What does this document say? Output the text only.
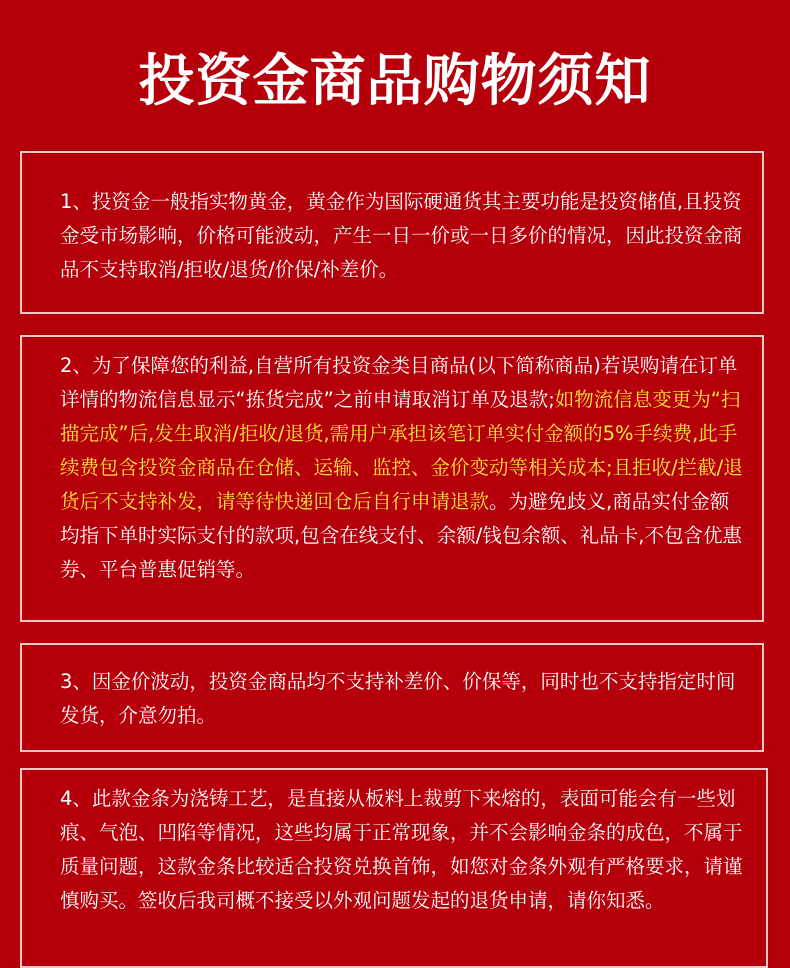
投资金商品购物须知
1、投资金一般指实物黄金，黄金作为国际硬通货其主要功能是投资储值,且投资金受市场影响，价格可能波动，产生一日一价或一日多价的情况，因此投资金商品不支持取消/拒收/退货/价保/补差价。
2、为了保障您的利益,自营所有投资金类目商品(以下简称商品)若误购请在订单详情的物流信息显示“拣货完成”之前申请取消订单及退款;如物流信息变更为“扫描完成”后,发生取消/拒收/退货,需用户承担该笔订单实付金额的5%手续费,此手续费包含投资金商品在仓储、运输、监控、金价变动等相关成本;且拒收/拦截/退货后不支持补发，请等待快递回仓后自行申请退款。为避免歧义,商品实付金额均指下单时实际支付的款项,包含在线支付、余额/钱包余额、礼品卡,不包含优惠券、平台普惠促销等。
3、因金价波动，投资金商品均不支持补差价、价保等，同时也不支持指定时间发货，介意勿拍。
4、此款金条为浇铸工艺，是直接从板料上裁剪下来熔的，表面可能会有一些划痕、气泡、凹陷等情况，这些均属于正常现象，并不会影响金条的成色，不属于质量问题，这款金条比较适合投资兑换首饰，如您对金条外观有严格要求，请谨慎购买。签收后我司概不接受以外观问题发起的退货申请，请你知悉。
